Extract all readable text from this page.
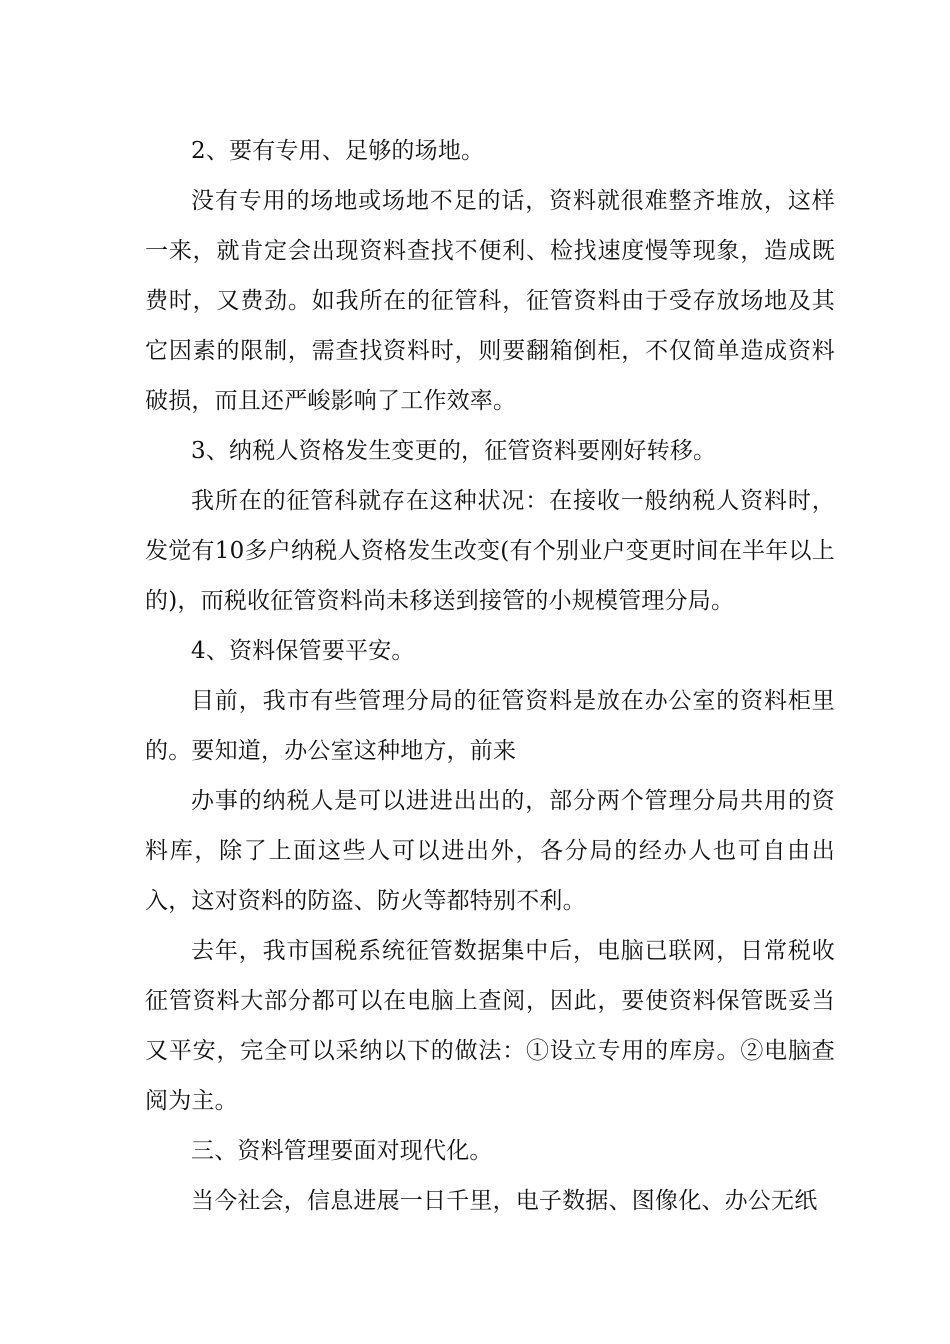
2、要有专用、足够的场地。

没有专用的场地或场地不足的话，资料就很难整齐堆放，这样一来，就肯定会出现资料查找不便利、检找速度慢等现象，造成既费时，又费劲。如我所在的征管科，征管资料由于受存放场地及其它因素的限制，需查找资料时，则要翻箱倒柜，不仅简单造成资料破损，而且还严峻影响了工作效率。

3、纳税人资格发生变更的，征管资料要刚好转移。

我所在的征管科就存在这种状况：在接收一般纳税人资料时，发觉有10多户纳税人资格发生改变(有个别业户变更时间在半年以上的)，而税收征管资料尚未移送到接管的小规模管理分局。

4、资料保管要平安。

目前，我市有些管理分局的征管资料是放在办公室的资料柜里的。要知道，办公室这种地方，前来

办事的纳税人是可以进进出出的，部分两个管理分局共用的资料库，除了上面这些人可以进出外，各分局的经办人也可自由出入，这对资料的防盗、防火等都特别不利。

去年，我市国税系统征管数据集中后，电脑已联网，日常税收征管资料大部分都可以在电脑上查阅，因此，要使资料保管既妥当又平安，完全可以采纳以下的做法：①设立专用的库房。②电脑查阅为主。

三、资料管理要面对现代化。

当今社会，信息进展一日千里，电子数据、图像化、办公无纸
